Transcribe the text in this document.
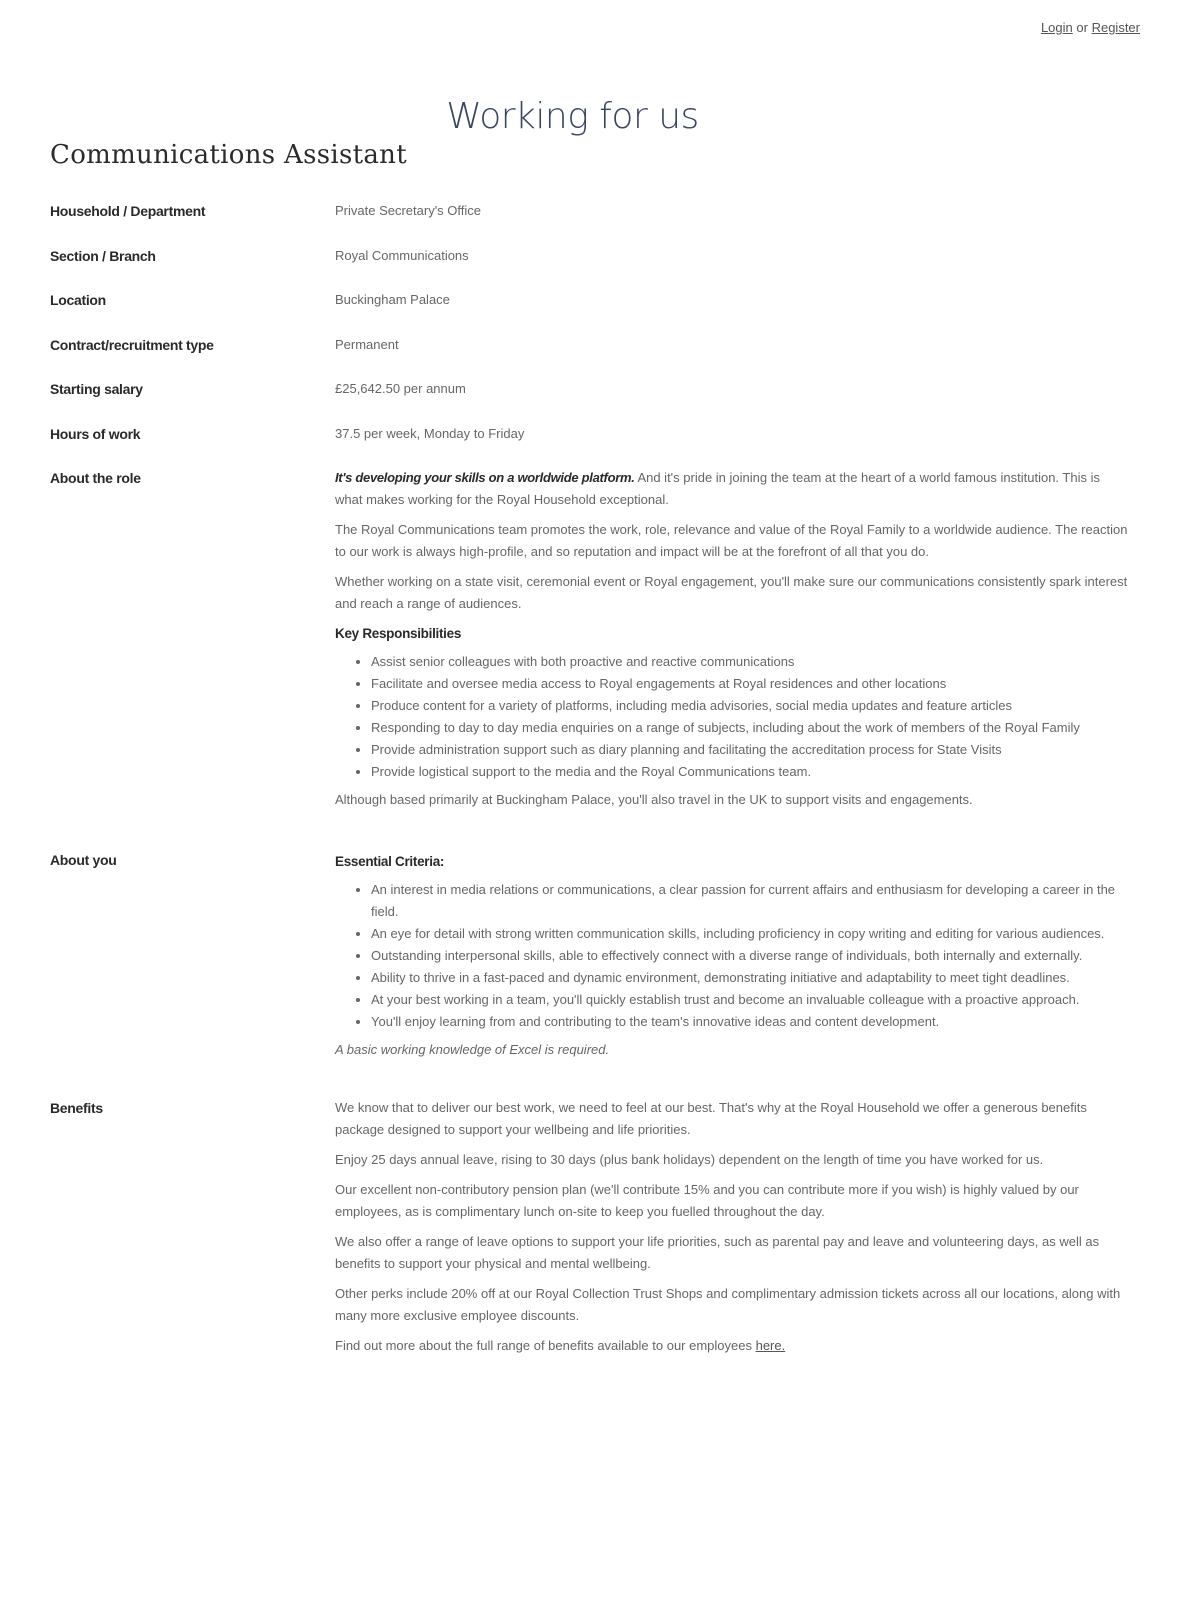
Login or Register
Working for us
Communications Assistant
Household / Department	Private Secretary's Office
Section / Branch	Royal Communications
Location	Buckingham Palace
Contract/recruitment type	Permanent
Starting salary	£25,642.50 per annum
Hours of work	37.5 per week, Monday to Friday
About the role	It's developing your skills on a worldwide platform. And it's pride in joining the team at the heart of a world famous institution. This is what makes working for the Royal Household exceptional.

The Royal Communications team promotes the work, role, relevance and value of the Royal Family to a worldwide audience. The reaction to our work is always high-profile, and so reputation and impact will be at the forefront of all that you do.

Whether working on a state visit, ceremonial event or Royal engagement, you'll make sure our communications consistently spark interest and reach a range of audiences.

Key Responsibilities
• Assist senior colleagues with both proactive and reactive communications
• Facilitate and oversee media access to Royal engagements at Royal residences and other locations
• Produce content for a variety of platforms, including media advisories, social media updates and feature articles
• Responding to day to day media enquiries on a range of subjects, including about the work of members of the Royal Family
• Provide administration support such as diary planning and facilitating the accreditation process for State Visits
• Provide logistical support to the media and the Royal Communications team.

Although based primarily at Buckingham Palace, you'll also travel in the UK to support visits and engagements.

About you	Essential Criteria:
• An interest in media relations or communications, a clear passion for current affairs and enthusiasm for developing a career in the field.
• An eye for detail with strong written communication skills, including proficiency in copy writing and editing for various audiences.
• Outstanding interpersonal skills, able to effectively connect with a diverse range of individuals, both internally and externally.
• Ability to thrive in a fast-paced and dynamic environment, demonstrating initiative and adaptability to meet tight deadlines.
• At your best working in a team, you'll quickly establish trust and become an invaluable colleague with a proactive approach.
• You'll enjoy learning from and contributing to the team's innovative ideas and content development.

A basic working knowledge of Excel is required.

Benefits	We know that to deliver our best work, we need to feel at our best. That's why at the Royal Household we offer a generous benefits package designed to support your wellbeing and life priorities.

Enjoy 25 days annual leave, rising to 30 days (plus bank holidays) dependent on the length of time you have worked for us.

Our excellent non-contributory pension plan (we'll contribute 15% and you can contribute more if you wish) is highly valued by our employees, as is complimentary lunch on-site to keep you fuelled throughout the day.

We also offer a range of leave options to support your life priorities, such as parental pay and leave and volunteering days, as well as benefits to support your physical and mental wellbeing.

Other perks include 20% off at our Royal Collection Trust Shops and complimentary admission tickets across all our locations, along with many more exclusive employee discounts.

Find out more about the full range of benefits available to our employees here.
